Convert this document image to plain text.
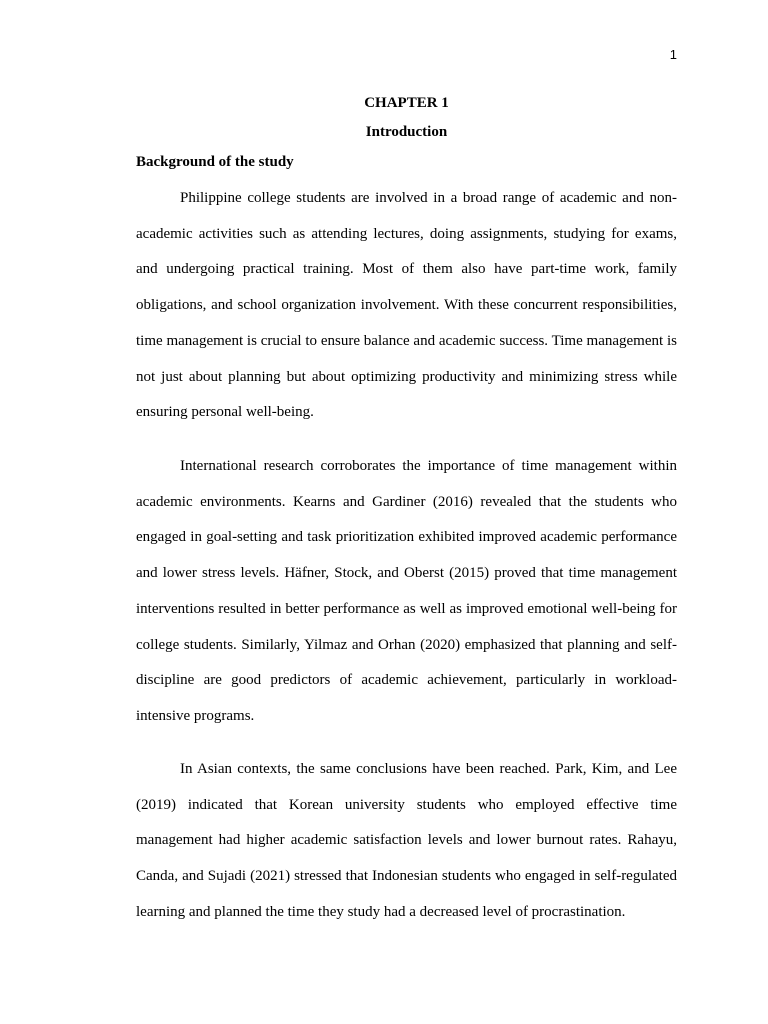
1

CHAPTER 1

Introduction

Background of the study

Philippine college students are involved in a broad range of academic and non-academic activities such as attending lectures, doing assignments, studying for exams, and undergoing practical training. Most of them also have part-time work, family obligations, and school organization involvement. With these concurrent responsibilities, time management is crucial to ensure balance and academic success. Time management is not just about planning but about optimizing productivity and minimizing stress while ensuring personal well-being.

International research corroborates the importance of time management within academic environments. Kearns and Gardiner (2016) revealed that the students who engaged in goal-setting and task prioritization exhibited improved academic performance and lower stress levels. Häfner, Stock, and Oberst (2015) proved that time management interventions resulted in better performance as well as improved emotional well-being for college students. Similarly, Yilmaz and Orhan (2020) emphasized that planning and self-discipline are good predictors of academic achievement, particularly in workload-intensive programs.

In Asian contexts, the same conclusions have been reached. Park, Kim, and Lee (2019) indicated that Korean university students who employed effective time management had higher academic satisfaction levels and lower burnout rates. Rahayu, Canda, and Sujadi (2021) stressed that Indonesian students who engaged in self-regulated learning and planned the time they study had a decreased level of procrastination.
